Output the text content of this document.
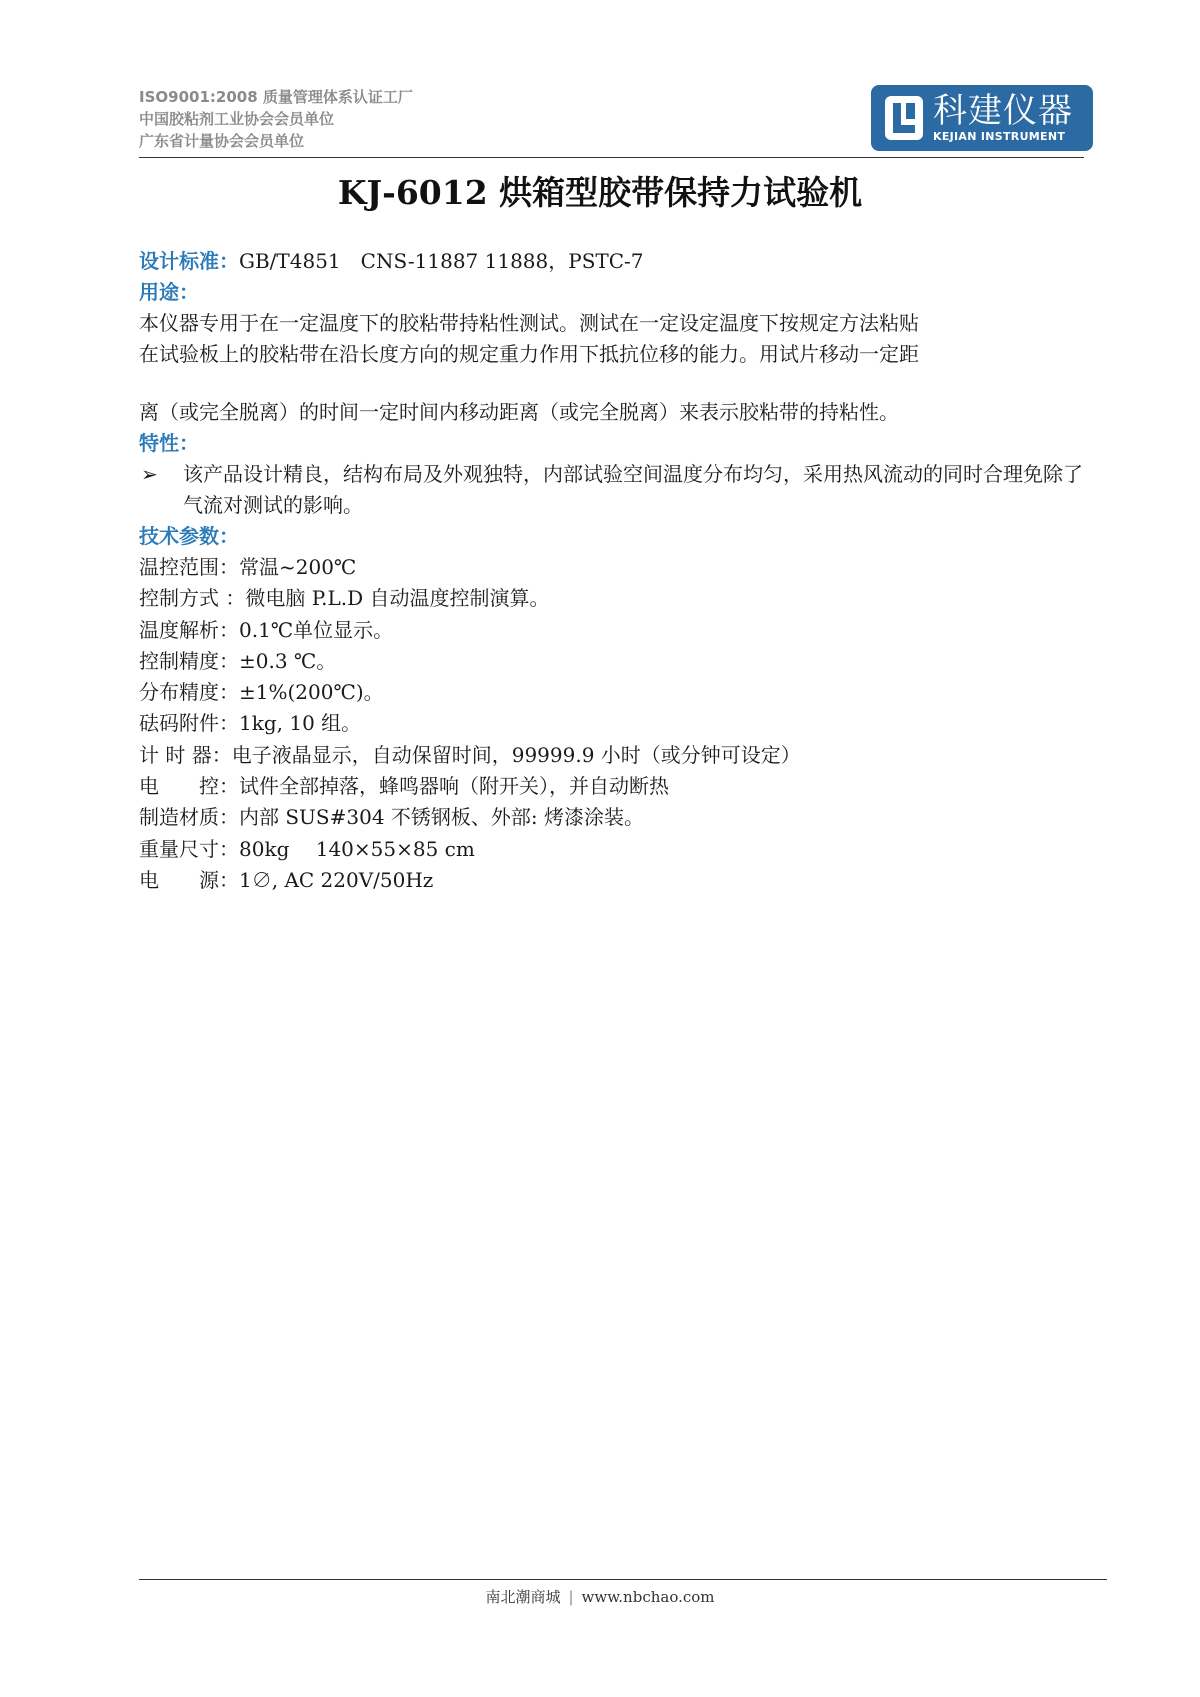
ISO9001:2008 质量管理体系认证工厂
中国胶粘剂工业协会会员单位
广东省计量协会会员单位
科建仪器
KEJIAN INSTRUMENT
KJ-6012 烘箱型胶带保持力试验机
设计标准：GB/T4851　CNS-11887 11888，PSTC-7
用途：
本仪器专用于在一定温度下的胶粘带持粘性测试。测试在一定设定温度下按规定方法粘贴
在试验板上的胶粘带在沿长度方向的规定重力作用下抵抗位移的能力。用试片移动一定距
离（或完全脱离）的时间一定时间内移动距离（或完全脱离）来表示胶粘带的持粘性。
特性：
➢	该产品设计精良，结构布局及外观独特，内部试验空间温度分布均匀，采用热风流动的同时合理免除了气流对测试的影响。
技术参数：
温控范围：常温~200℃
控制方式 ：微电脑 P.L.D 自动温度控制演算。
温度解析：0.1℃单位显示。
控制精度：±0.3 ℃。
分布精度：±1%(200℃)。
砝码附件：1kg, 10 组。
计 时 器：电子液晶显示，自动保留时间，99999.9 小时（或分钟可设定）
电　　控：试件全部掉落，蜂鸣器响（附开关），并自动断热
制造材质：内部 SUS#304 不锈钢板、外部: 烤漆涂装。
重量尺寸：80kg　 140×55×85 cm
电　　源：1∅, AC 220V/50Hz
南北潮商城 | www.nbchao.com
